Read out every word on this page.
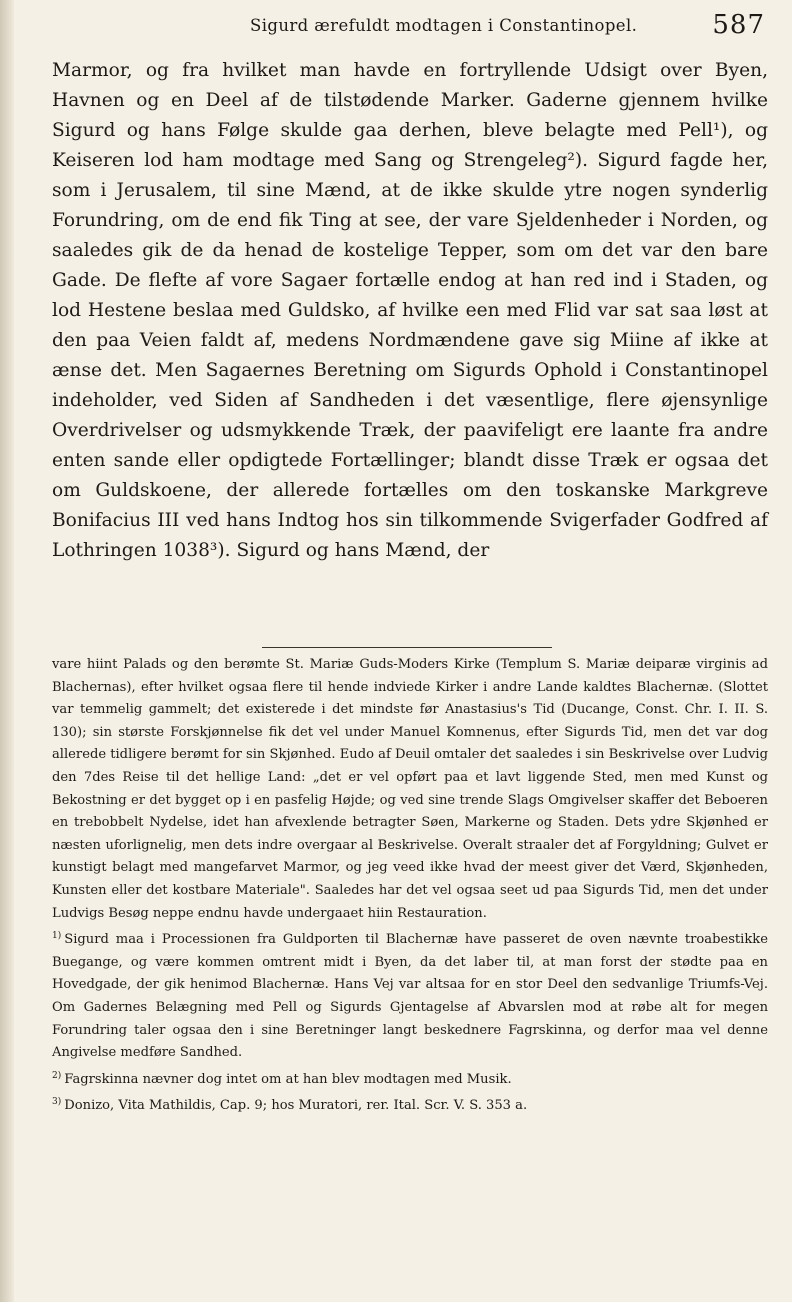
Sigurd ærefuldt modtagen i Constantinopel.	587

Marmor, og fra hvilket man havde en fortryllende Udsigt over Byen, Havnen og en Deel af de tilstødende Marker. Gaderne gjennem hvilke Sigurd og hans Følge skulde gaa derhen, bleve belagte med Pell¹), og Keiseren lod ham modtage med Sang og Strengeleg²). Sigurd fagde her, som i Jerusalem, til sine Mænd, at de ikke skulde ytre nogen synderlig Forundring, om de end fik Ting at see, der vare Sjeldenheder i Norden, og saaledes gik de da henad de kostelige Tepper, som om det var den bare Gade. De flefte af vore Sagaer fortælle endog at han red ind i Staden, og lod Hestene beslaa med Guldsko, af hvilke een med Flid var sat saa løst at den paa Veien faldt af, medens Nordmændene gave sig Miine af ikke at ænse det. Men Sagaernes Beretning om Sigurds Ophold i Constantinopel indeholder, ved Siden af Sandheden i det væsentlige, flere øjensynlige Overdrivelser og udsmykkende Træk, der paavifeligt ere laante fra andre enten sande eller opdigtede Fortællinger; blandt disse Træk er ogsaa det om Guldskoene, der allerede fortælles om den toskanske Markgreve Bonifacius III ved hans Indtog hos sin tilkommende Svigerfader Godfred af Lothringen 1038³). Sigurd og hans Mænd, der

vare hiint Palads og den berømte St. Mariæ Guds-Moders Kirke (Templum S. Mariæ deiparæ virginis ad Blachernas), efter hvilket ogsaa flere til hende indviede Kirker i andre Lande kaldtes Blachernæ. (Slottet var temmelig gammelt; det existerede i det mindste før Anastasius's Tid (Ducange, Const. Chr. I. II. S. 130); sin største Forskjønnelse fik det vel under Manuel Komnenus, efter Sigurds Tid, men det var dog allerede tidligere berømt for sin Skjønhed. Eudo af Deuil omtaler det saaledes i sin Beskrivelse over Ludvig den 7des Reise til det hellige Land: „det er vel opført paa et lavt liggende Sted, men med Kunst og Bekostning er det bygget op i en pasfelig Højde; og ved sine trende Slags Omgivelser skaffer det Beboeren en trebobbelt Nydelse, idet han afvexlende betragter Søen, Markerne og Staden. Dets ydre Skjønhed er næsten uforlignelig, men dets indre overgaar al Beskrivelse. Overalt straaler det af Forgyldning; Gulvet er kunstigt belagt med mangefarvet Marmor, og jeg veed ikke hvad der meest giver det Værd, Skjønheden, Kunsten eller det kostbare Materiale". Saaledes har det vel ogsaa seet ud paa Sigurds Tid, men det under Ludvigs Besøg neppe endnu havde undergaaet hiin Restauration.

$^{1)}$ Sigurd maa i Processionen fra Guldporten til Blachernæ have passeret de oven nævnte troabestikke Buegange, og være kommen omtrent midt i Byen, da det laber til, at man forst der stødte paa en Hovedgade, der gik henimod Blachernæ. Hans Vej var altsaa for en stor Deel den sedvanlige Triumfs-Vej. Om Gadernes Belægning med Pell og Sigurds Gjentagelse af Abvarslen mod at røbe alt for megen Forundring taler ogsaa den i sine Beretninger langt beskednere Fagrskinna, og derfor maa vel denne Angivelse medføre Sandhed.

$^{2)}$ Fagrskinna nævner dog intet om at han blev modtagen med Musik.

$^{3)}$ Donizo, Vita Mathildis, Cap. 9; hos Muratori, rer. Ital. Scr. V. S. 353 a.
